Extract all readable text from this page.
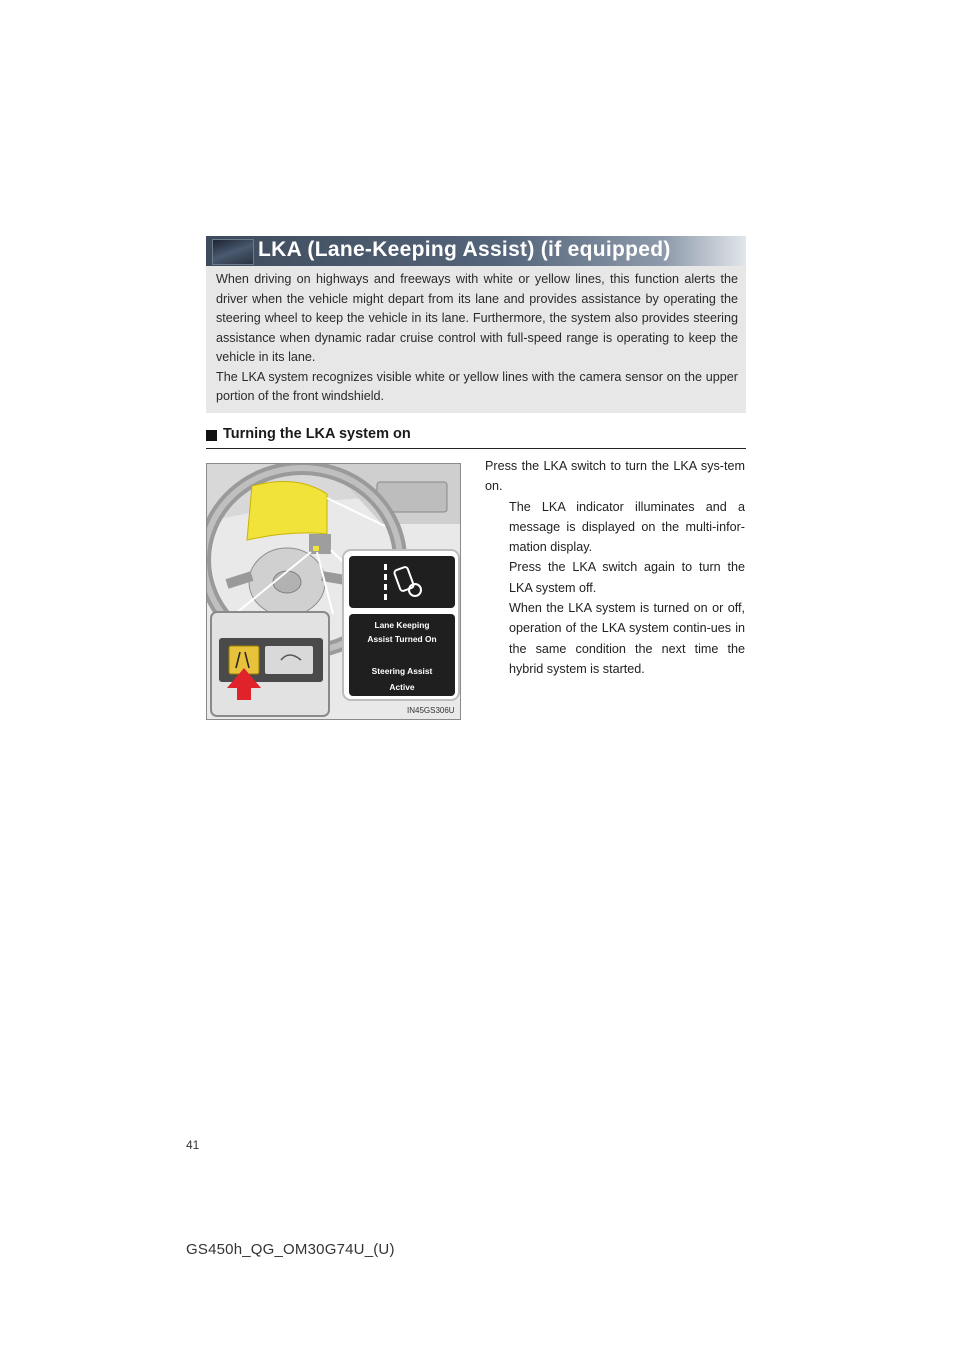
LKA (Lane-Keeping Assist) (if equipped)

When driving on highways and freeways with white or yellow lines, this function alerts the driver when the vehicle might depart from its lane and provides assistance by operating the steering wheel to keep the vehicle in its lane. Furthermore, the system also provides steering assistance when dynamic radar cruise control with full-speed range is operating to keep the vehicle in its lane.

The LKA system recognizes visible white or yellow lines with the camera sensor on the upper portion of the front windshield.

Turning the LKA system on
Lane Keeping
Assist Turned On
Steering Assist
Active
IN45GS306U

Press the LKA switch to turn the LKA sys-tem on.

The LKA indicator illuminates and a message is displayed on the multi-infor-mation display.

Press the LKA switch again to turn the LKA system off.

When the LKA system is turned on or off, operation of the LKA system contin-ues in the same condition the next time the hybrid system is started.

41
GS450h_QG_OM30G74U_(U)
